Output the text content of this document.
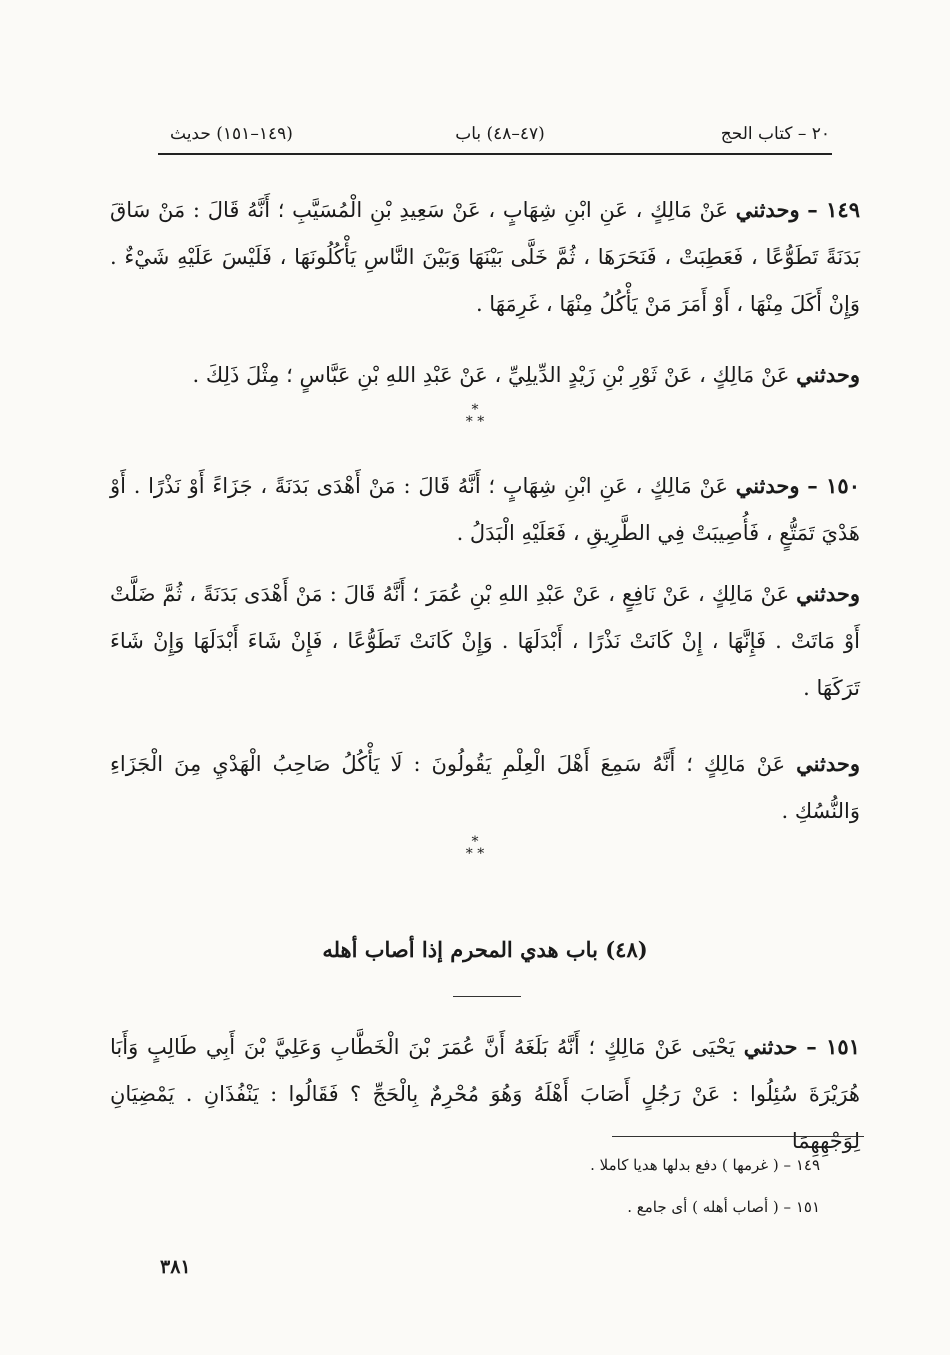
٢٠ – كتاب الحج
(٤٧–٤٨) باب
(١٤٩–١٥١) حديث
١٤٩ – وحدثني عَنْ مَالِكٍ ، عَنِ ابْنِ شِهَابٍ ، عَنْ سَعِيدِ بْنِ الْمُسَيَّبِ ؛ أَنَّهُ قَالَ : مَنْ سَاقَ بَدَنَةً تَطَوُّعًا ، فَعَطِبَتْ ، فَنَحَرَهَا ، ثُمَّ خَلَّى بَيْنَهَا وَبَيْنَ النَّاسِ يَأْكُلُونَهَا ، فَلَيْسَ عَلَيْهِ شَيْءٌ . وَإِنْ أَكَلَ مِنْهَا ، أَوْ أَمَرَ مَنْ يَأْكُلُ مِنْهَا ، غَرِمَهَا .
وحدثني عَنْ مَالِكٍ ، عَنْ ثَوْرِ بْنِ زَيْدٍ الدِّيلِيِّ ، عَنْ عَبْدِ اللهِ بْنِ عَبَّاسٍ ؛ مِثْلَ ذَلِكَ .
*
* *
١٥٠ – وحدثني عَنْ مَالِكٍ ، عَنِ ابْنِ شِهَابٍ ؛ أَنَّهُ قَالَ : مَنْ أَهْدَى بَدَنَةً ، جَزَاءً أَوْ نَذْرًا . أَوْ هَدْيَ تَمَتُّعٍ ، فَأُصِيبَتْ فِي الطَّرِيقِ ، فَعَلَيْهِ الْبَدَلُ .
وحدثني عَنْ مَالِكٍ ، عَنْ نَافِعٍ ، عَنْ عَبْدِ اللهِ بْنِ عُمَرَ ؛ أَنَّهُ قَالَ : مَنْ أَهْدَى بَدَنَةً ، ثُمَّ ضَلَّتْ أَوْ مَاتَتْ . فَإِنَّهَا ، إِنْ كَانَتْ نَذْرًا ، أَبْدَلَهَا . وَإِنْ كَانَتْ تَطَوُّعًا ، فَإِنْ شَاءَ أَبْدَلَهَا وَإِنْ شَاءَ تَرَكَهَا .
وحدثني عَنْ مَالِكٍ ؛ أَنَّهُ سَمِعَ أَهْلَ الْعِلْمِ يَقُولُونَ : لَا يَأْكُلُ صَاحِبُ الْهَدْيِ مِنَ الْجَزَاءِ وَالنُّسُكِ .
*
* *
(٤٨) باب هدي المحرم إذا أصاب أهله
١٥١ – حدثني يَحْيَى عَنْ مَالِكٍ ؛ أَنَّهُ بَلَغَهُ أَنَّ عُمَرَ بْنَ الْخَطَّابِ وَعَلِيَّ بْنَ أَبِي طَالِبٍ وَأَبَا هُرَيْرَةَ سُئِلُوا : عَنْ رَجُلٍ أَصَابَ أَهْلَهُ وَهُوَ مُحْرِمٌ بِالْحَجِّ ؟ فَقَالُوا : يَنْفُذَانِ . يَمْضِيَانِ لِوَجْهِهِمَا
١٤٩ – ( غرمها ) دفع بدلها هديا كاملا .
١٥١ – ( أصاب أهله ) أى جامع .
٣٨١
